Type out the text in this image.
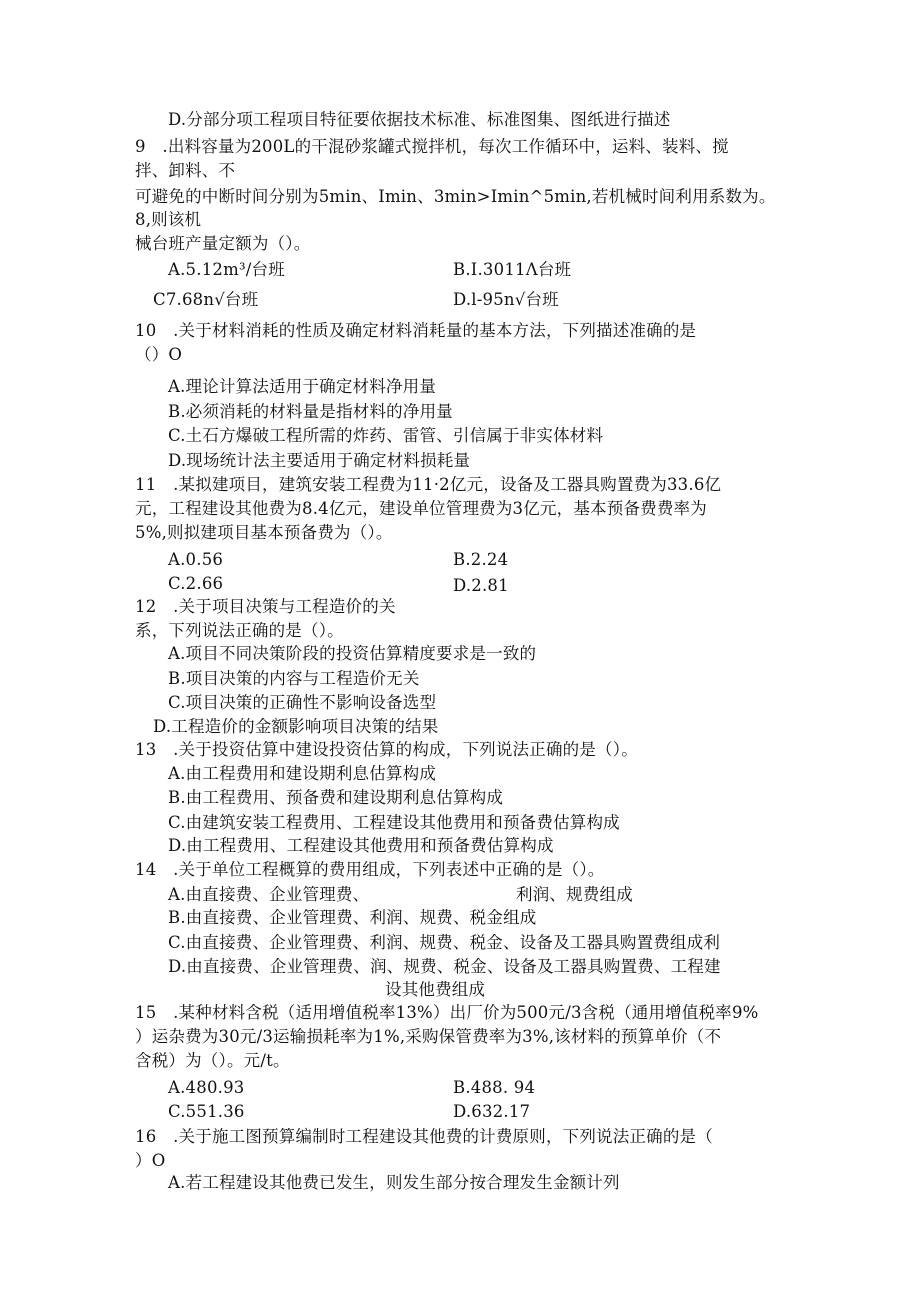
D.分部分项工程项目特征要依据技术标准、标准图集、图纸进行描述
9　.出料容量为200L的干混砂浆罐式搅拌机，每次工作循环中，运料、装料、搅
拌、卸料、不
可避免的中断时间分别为5min、Imin、3min>Imin^5min,若机械时间利用系数为。
8,则该机
械台班产量定额为（）。
A.5.12m³/台班	B.I.3011Λ台班
C7.68n√台班	D.l-95n√台班
10　.关于材料消耗的性质及确定材料消耗量的基本方法，下列描述准确的是
（）O
A.理论计算法适用于确定材料净用量
B.必须消耗的材料量是指材料的净用量
C.土石方爆破工程所需的炸药、雷管、引信属于非实体材料
D.现场统计法主要适用于确定材料损耗量
11　.某拟建项目，建筑安装工程费为11·2亿元，设备及工器具购置费为33.6亿
元，工程建设其他费为8.4亿元，建设单位管理费为3亿元，基本预备费费率为
5%,则拟建项目基本预备费为（）。
A.0.56	B.2.24
C.2.66	D.2.81
12　.关于项目决策与工程造价的关
系，下列说法正确的是（）。
A.项目不同决策阶段的投资估算精度要求是一致的
B.项目决策的内容与工程造价无关
C.项目决策的正确性不影响设备选型
D.工程造价的金额影响项目决策的结果
13　.关于投资估算中建设投资估算的构成，下列说法正确的是（）。
A.由工程费用和建设期利息估算构成
B.由工程费用、预备费和建设期利息估算构成
C.由建筑安装工程费用、工程建设其他费用和预备费估算构成
D.由工程费用、工程建设其他费用和预备费估算构成
14　.关于单位工程概算的费用组成，下列表述中正确的是（）。
A.由直接费、企业管理费、	利润、规费组成
B.由直接费、企业管理费、利润、规费、税金组成
C.由直接费、企业管理费、利润、规费、税金、设备及工器具购置费组成利
D.由直接费、企业管理费、润、规费、税金、设备及工器具购置费、工程建
设其他费组成
15　.某种材料含税（适用增值税率13%）出厂价为500元/3含税（通用增值税率9%
）运杂费为30元/3运输损耗率为1%,采购保管费率为3%,该材料的预算单价（不
含税）为（）。元/t。
A.480.93	B.488. 94
C.551.36	D.632.17
16　.关于施工图预算编制时工程建设其他费的计费原则，下列说法正确的是（
）O
A.若工程建设其他费已发生，则发生部分按合理发生金额计列
